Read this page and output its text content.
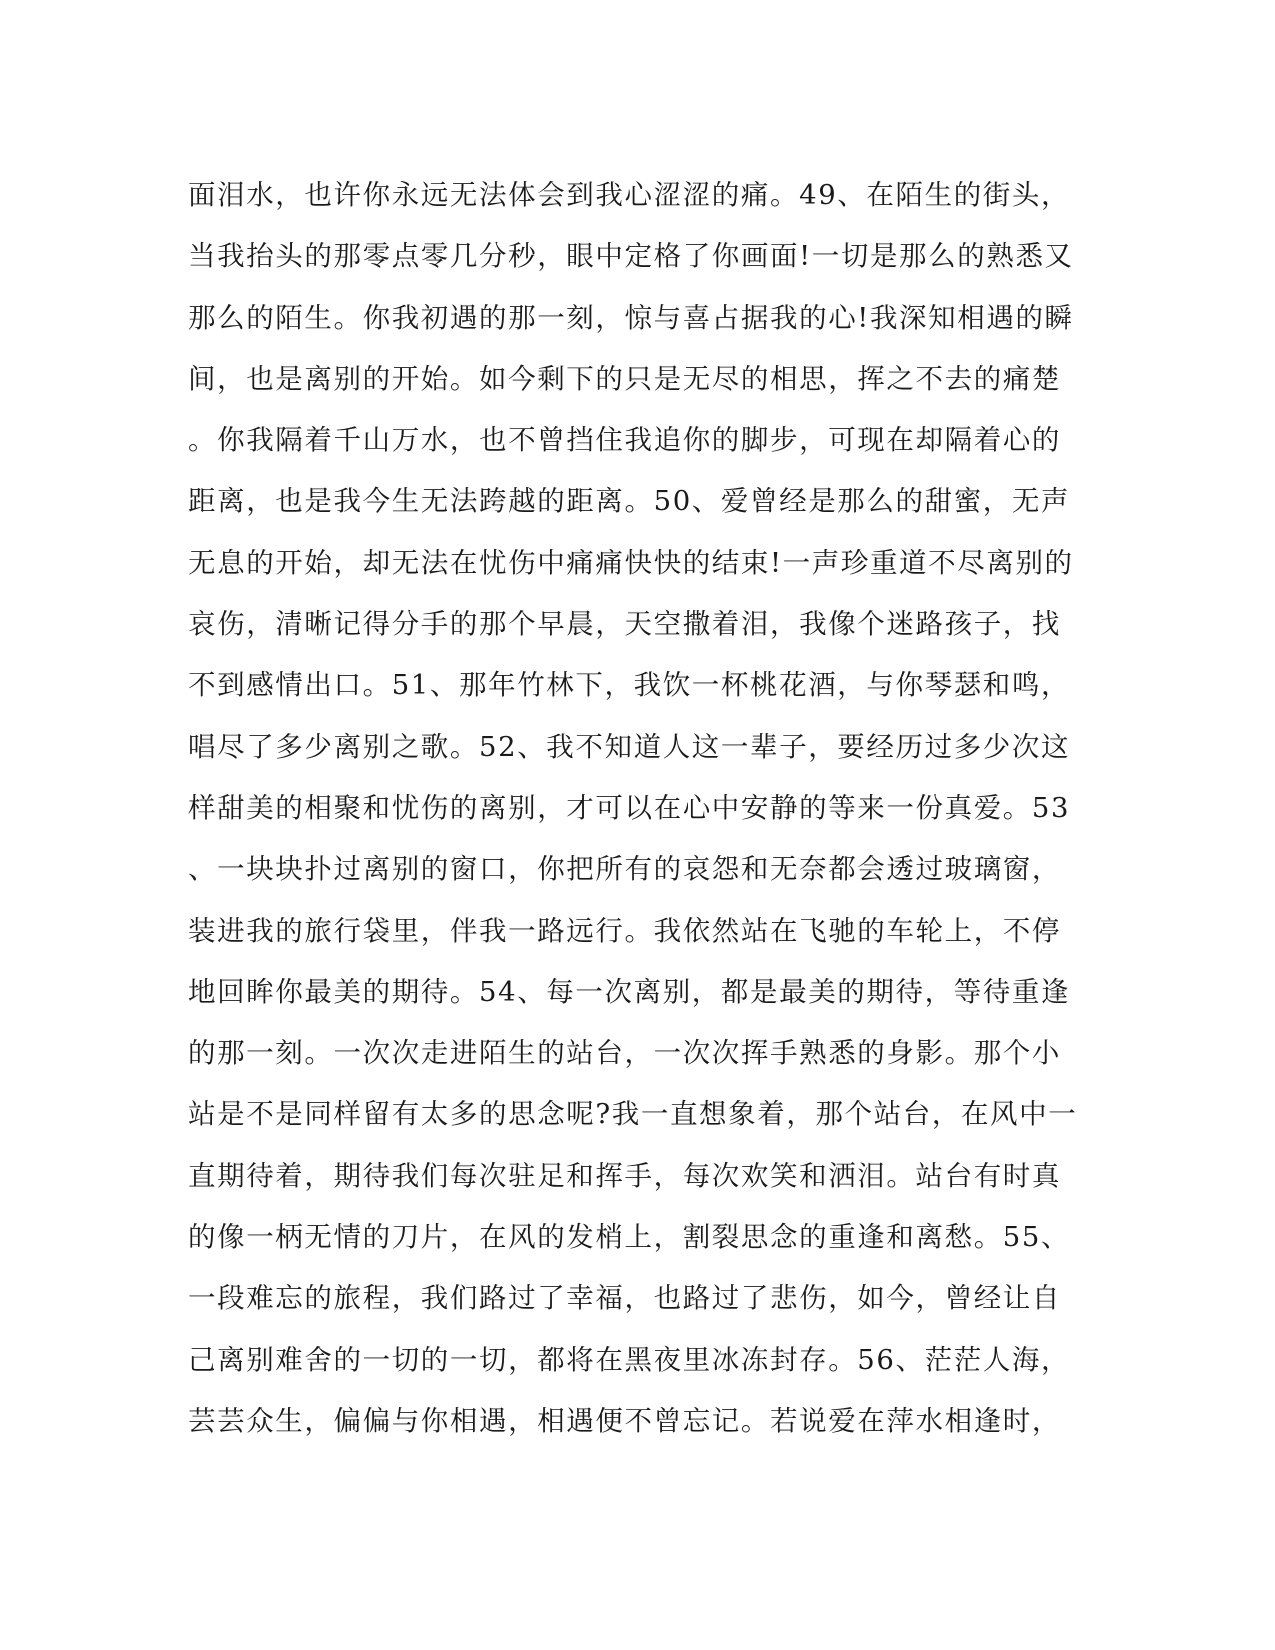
面泪水，也许你永远无法体会到我心涩涩的痛。49、在陌生的街头，
当我抬头的那零点零几分秒，眼中定格了你画面!一切是那么的熟悉又
那么的陌生。你我初遇的那一刻，惊与喜占据我的心!我深知相遇的瞬
间，也是离别的开始。如今剩下的只是无尽的相思，挥之不去的痛楚
。你我隔着千山万水，也不曾挡住我追你的脚步，可现在却隔着心的
距离，也是我今生无法跨越的距离。50、爱曾经是那么的甜蜜，无声
无息的开始，却无法在忧伤中痛痛快快的结束!一声珍重道不尽离别的
哀伤，清晰记得分手的那个早晨，天空撒着泪，我像个迷路孩子，找
不到感情出口。51、那年竹林下，我饮一杯桃花酒，与你琴瑟和鸣，
唱尽了多少离别之歌。52、我不知道人这一辈子，要经历过多少次这
样甜美的相聚和忧伤的离别，才可以在心中安静的等来一份真爱。53
、一块块扑过离别的窗口，你把所有的哀怨和无奈都会透过玻璃窗，
装进我的旅行袋里，伴我一路远行。我依然站在飞驰的车轮上，不停
地回眸你最美的期待。54、每一次离别，都是最美的期待，等待重逢
的那一刻。一次次走进陌生的站台，一次次挥手熟悉的身影。那个小
站是不是同样留有太多的思念呢?我一直想象着，那个站台，在风中一
直期待着，期待我们每次驻足和挥手，每次欢笑和洒泪。站台有时真
的像一柄无情的刀片，在风的发梢上，割裂思念的重逢和离愁。55、
一段难忘的旅程，我们路过了幸福，也路过了悲伤，如今，曾经让自
己离别难舍的一切的一切，都将在黑夜里冰冻封存。56、茫茫人海，
芸芸众生，偏偏与你相遇，相遇便不曾忘记。若说爱在萍水相逢时，
